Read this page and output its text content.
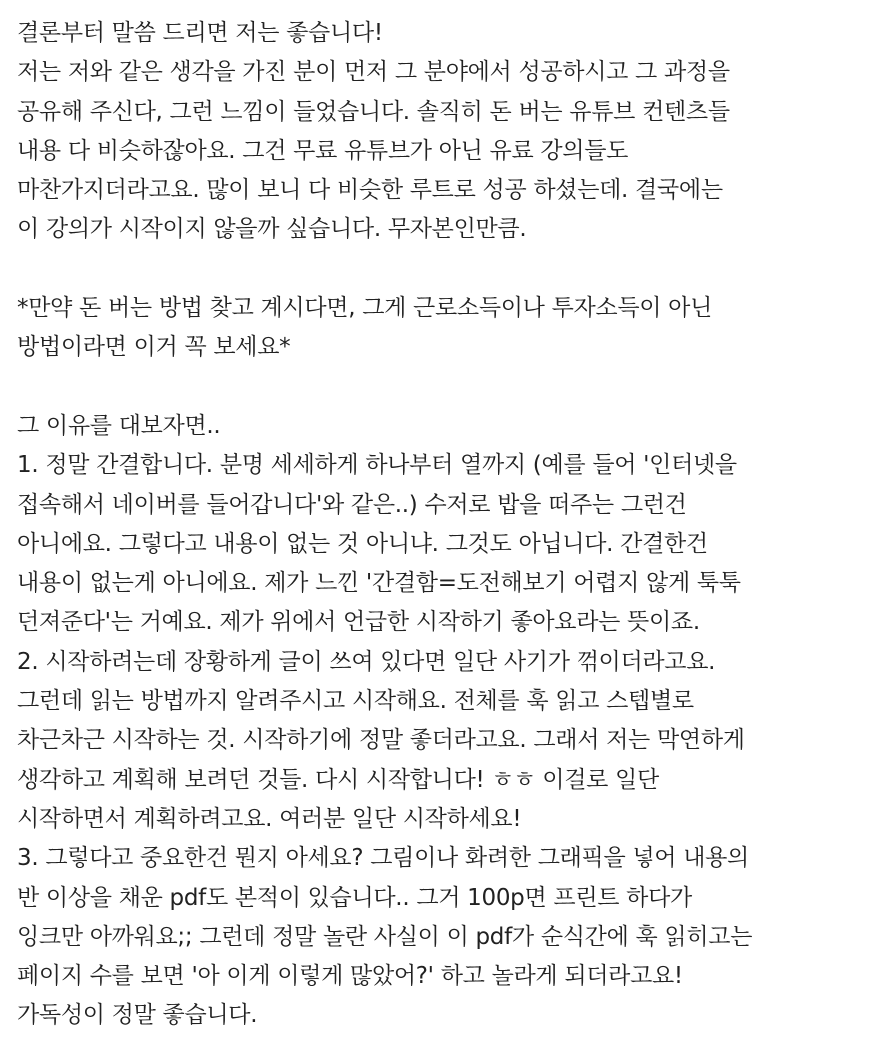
결론부터 말씀 드리면 저는 좋습니다!
저는 저와 같은 생각을 가진 분이 먼저 그 분야에서 성공하시고 그 과정을
공유해 주신다, 그런 느낌이 들었습니다. 솔직히 돈 버는 유튜브 컨텐츠들
내용 다 비슷하잖아요. 그건 무료 유튜브가 아닌 유료 강의들도
마찬가지더라고요. 많이 보니 다 비슷한 루트로 성공 하셨는데. 결국에는
이 강의가 시작이지 않을까 싶습니다. 무자본인만큼.
*만약 돈 버는 방법 찾고 계시다면, 그게 근로소득이나 투자소득이 아닌
방법이라면 이거 꼭 보세요*
그 이유를 대보자면..
1. 정말 간결합니다. 분명 세세하게 하나부터 열까지 (예를 들어 '인터넷을
접속해서 네이버를 들어갑니다'와 같은..) 수저로 밥을 떠주는 그런건
아니에요. 그렇다고 내용이 없는 것 아니냐. 그것도 아닙니다. 간결한건
내용이 없는게 아니에요. 제가 느낀 '간결함=도전해보기 어렵지 않게 툭툭
던져준다'는 거예요. 제가 위에서 언급한 시작하기 좋아요라는 뜻이죠.
2. 시작하려는데 장황하게 글이 쓰여 있다면 일단 사기가 꺾이더라고요.
그런데 읽는 방법까지 알려주시고 시작해요. 전체를 훅 읽고 스텝별로
차근차근 시작하는 것. 시작하기에 정말 좋더라고요. 그래서 저는 막연하게
생각하고 계획해 보려던 것들. 다시 시작합니다! ㅎㅎ 이걸로 일단
시작하면서 계획하려고요. 여러분 일단 시작하세요!
3. 그렇다고 중요한건 뭔지 아세요? 그림이나 화려한 그래픽을 넣어 내용의
반 이상을 채운 pdf도 본적이 있습니다.. 그거 100p면 프린트 하다가
잉크만 아까워요;; 그런데 정말 놀란 사실이 이 pdf가 순식간에 훅 읽히고는
페이지 수를 보면 '아 이게 이렇게 많았어?' 하고 놀라게 되더라고요!
가독성이 정말 좋습니다.
